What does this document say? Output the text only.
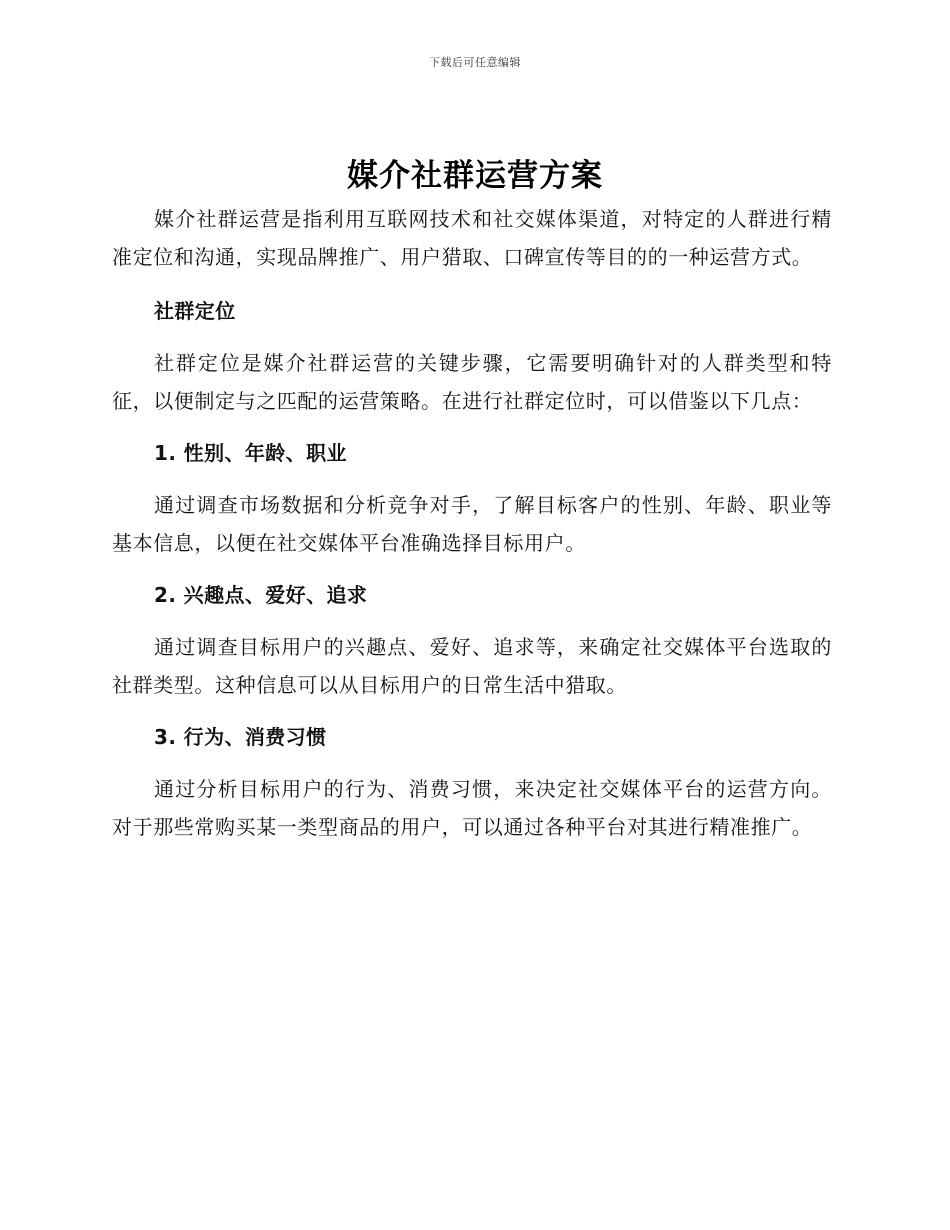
下载后可任意编辑
媒介社群运营方案

媒介社群运营是指利用互联网技术和社交媒体渠道，对特定的人群进行精准定位和沟通，实现品牌推广、用户猎取、口碑宣传等目的的一种运营方式。

社群定位

社群定位是媒介社群运营的关键步骤，它需要明确针对的人群类型和特征，以便制定与之匹配的运营策略。在进行社群定位时，可以借鉴以下几点：

1. 性别、年龄、职业

通过调查市场数据和分析竞争对手，了解目标客户的性别、年龄、职业等基本信息，以便在社交媒体平台准确选择目标用户。

2. 兴趣点、爱好、追求

通过调查目标用户的兴趣点、爱好、追求等，来确定社交媒体平台选取的社群类型。这种信息可以从目标用户的日常生活中猎取。

3. 行为、消费习惯

通过分析目标用户的行为、消费习惯，来决定社交媒体平台的运营方向。对于那些常购买某一类型商品的用户，可以通过各种平台对其进行精准推广。
